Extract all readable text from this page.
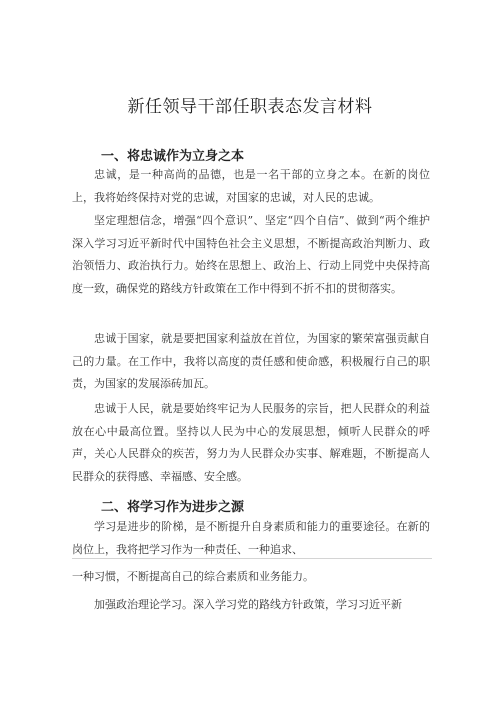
新任领导干部任职表态发言材料
一、将忠诚作为立身之本
忠诚，是一种高尚的品德，也是一名干部的立身之本。在新的岗位上，我将始终保持对党的忠诚，对国家的忠诚，对人民的忠诚。
坚定理想信念，增强“四个意识”、坚定“四个自信”、做到“两个维护深入学习习近平新时代中国特色社会主义思想，不断提高政治判断力、政治领悟力、政治执行力。始终在思想上、政治上、行动上同党中央保持高度一致，确保党的路线方针政策在工作中得到不折不扣的贯彻落实。
忠诚于国家，就是要把国家利益放在首位，为国家的繁荣富强贡献自己的力量。在工作中，我将以高度的责任感和使命感，积极履行自己的职责，为国家的发展添砖加瓦。
忠诚于人民，就是要始终牢记为人民服务的宗旨，把人民群众的利益放在心中最高位置。坚持以人民为中心的发展思想，倾听人民群众的呼声，关心人民群众的疾苦，努力为人民群众办实事、解难题，不断提高人民群众的获得感、幸福感、安全感。
二、将学习作为进步之源
学习是进步的阶梯，是不断提升自身素质和能力的重要途径。在新的岗位上，我将把学习作为一种责任、一种追求、
一种习惯，不断提高自己的综合素质和业务能力。
加强政治理论学习。深入学习党的路线方针政策，学习习近平新
